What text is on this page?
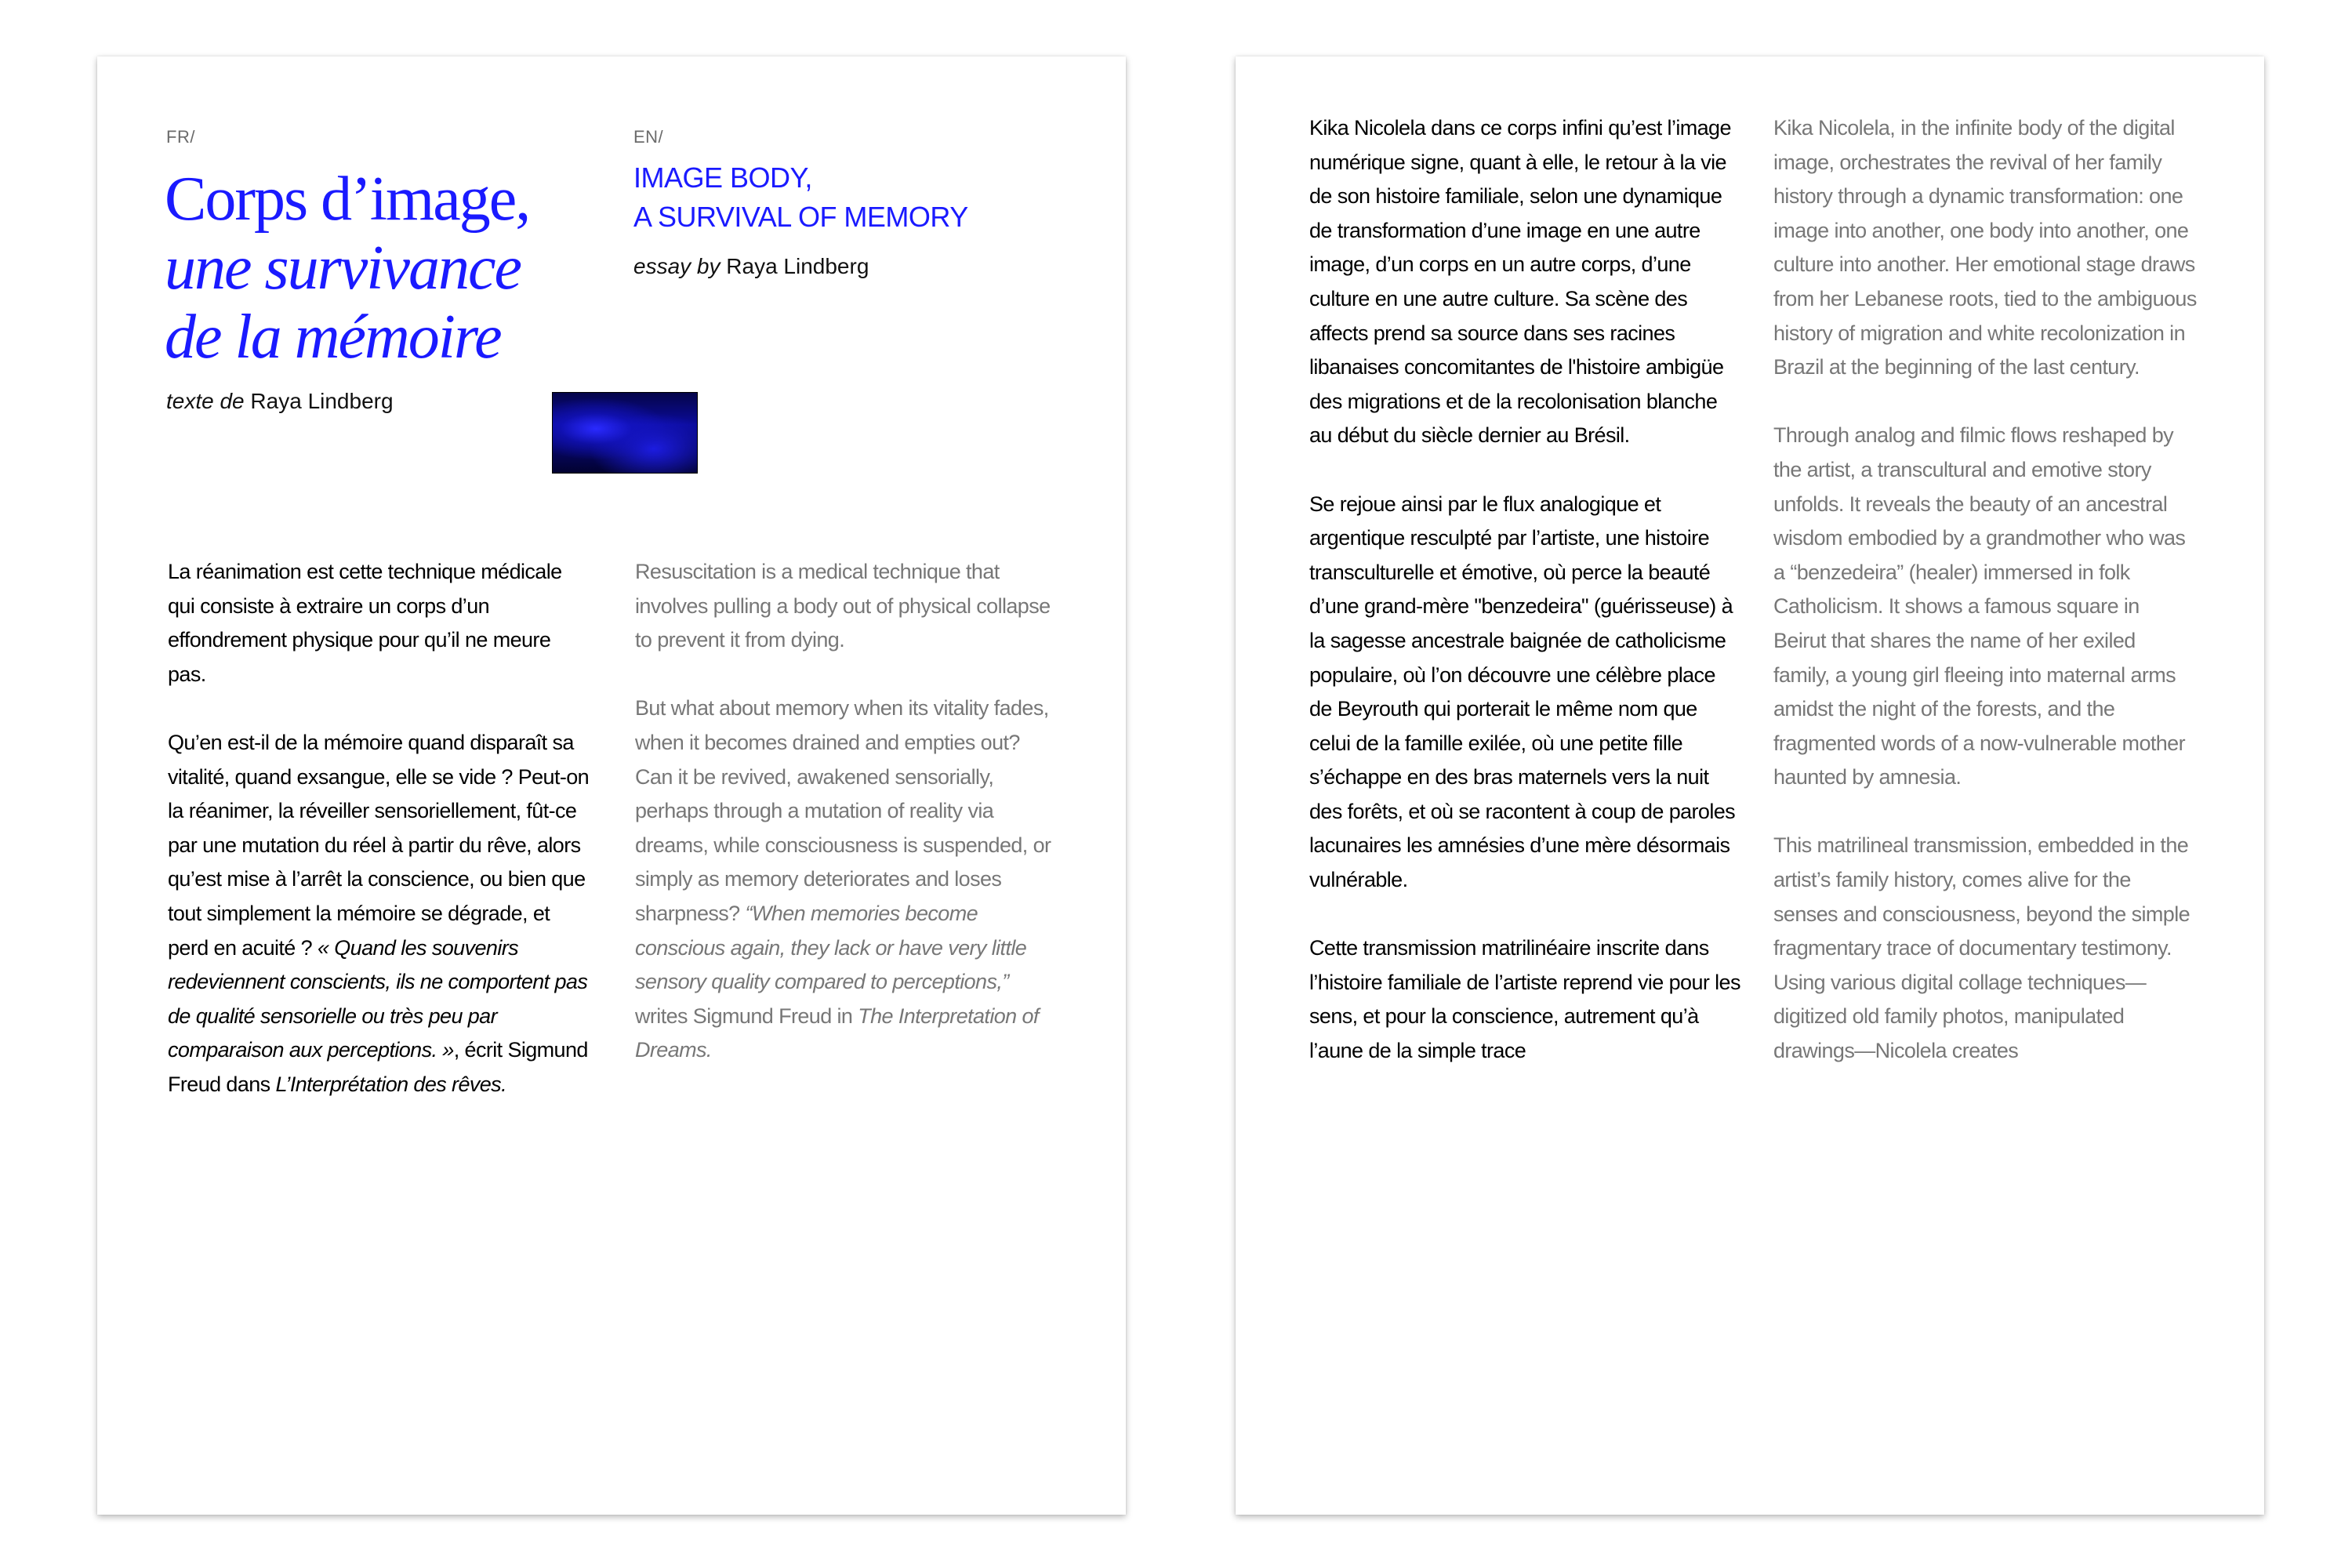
FR/	EN/
Corps d’image,
une survivance
de la mémoire
IMAGE BODY,
A SURVIVAL OF MEMORY
texte de Raya Lindberg
essay by Raya Lindberg

La réanimation est cette technique médicale qui consiste à extraire un corps d’un effondrement physique pour qu’il ne meure pas.

Qu’en est-il de la mémoire quand disparaît sa vitalité, quand exsangue, elle se vide ? Peut-on la réanimer, la réveiller sensoriellement, fût-ce par une mutation du réel à partir du rêve, alors qu’est mise à l’arrêt la conscience, ou bien que tout simplement la mémoire se dégrade, et perd en acuité ? « Quand les souvenirs redeviennent conscients, ils ne comportent pas de qualité sensorielle ou très peu par comparaison aux perceptions. », écrit Sigmund Freud dans L’Interprétation des rêves.

Resuscitation is a medical technique that involves pulling a body out of physical collapse to prevent it from dying.

But what about memory when its vitality fades, when it becomes drained and empties out? Can it be revived, awakened sensorially, perhaps through a mutation of reality via dreams, while consciousness is suspended, or simply as memory deteriorates and loses sharpness? “When memories become conscious again, they lack or have very little sensory quality compared to perceptions,” writes Sigmund Freud in The Interpretation of Dreams.

Kika Nicolela dans ce corps infini qu’est l’image numérique signe, quant à elle, le retour à la vie de son histoire familiale, selon une dynamique de transformation d’une image en une autre image, d’un corps en un autre corps, d’une culture en une autre culture. Sa scène des affects prend sa source dans ses racines libanaises concomitantes de l'histoire ambigüe des migrations et de la recolonisation blanche au début du siècle dernier au Brésil.

Se rejoue ainsi par le flux analogique et argentique resculpté par l’artiste, une histoire transculturelle et émotive, où perce la beauté d’une grand-mère "benzedeira" (guérisseuse) à la sagesse ancestrale baignée de catholicisme populaire, où l’on découvre une célèbre place de Beyrouth qui porterait le même nom que celui de la famille exilée, où une petite fille s’échappe en des bras maternels vers la nuit des forêts, et où se racontent à coup de paroles lacunaires les amnésies d’une mère désormais vulnérable.

Cette transmission matrilinéaire inscrite dans l’histoire familiale de l’artiste reprend vie pour les sens, et pour la conscience, autrement qu’à l’aune de la simple trace

Kika Nicolela, in the infinite body of the digital image, orchestrates the revival of her family history through a dynamic transformation: one image into another, one body into another, one culture into another. Her emotional stage draws from her Lebanese roots, tied to the ambiguous history of migration and white recolonization in Brazil at the beginning of the last century.

Through analog and filmic flows reshaped by the artist, a transcultural and emotive story unfolds. It reveals the beauty of an ancestral wisdom embodied by a grandmother who was a “benzedeira” (healer) immersed in folk Catholicism. It shows a famous square in Beirut that shares the name of her exiled family, a young girl fleeing into maternal arms amidst the night of the forests, and the fragmented words of a now-vulnerable mother haunted by amnesia.

This matrilineal transmission, embedded in the artist’s family history, comes alive for the senses and consciousness, beyond the simple fragmentary trace of documentary testimony. Using various digital collage techniques—digitized old family photos, manipulated drawings—Nicolela creates
